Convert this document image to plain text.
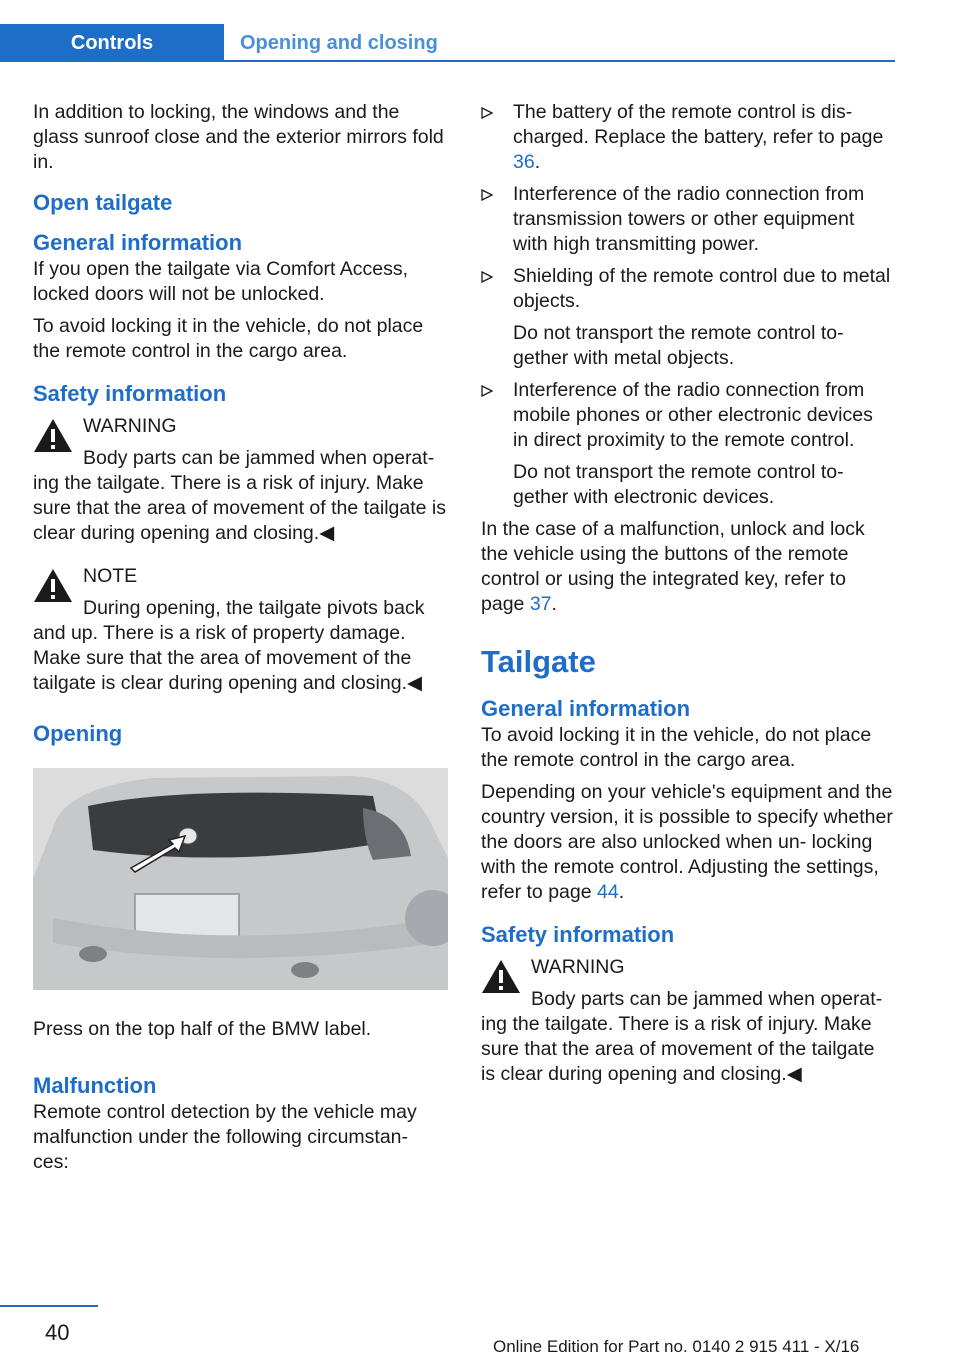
Controls	Opening and closing

In addition to locking, the windows and the glass sunroof close and the exterior mirrors fold in.

Open tailgate
General information

If you open the tailgate via Comfort Access, locked doors will not be unlocked.

To avoid locking it in the vehicle, do not place the remote control in the cargo area.

Safety information
WARNING
Body parts can be jammed when operat‐
ing the tailgate. There is a risk of injury. Make sure that the area of movement of the tailgate is clear during opening and closing.◀
NOTE
During opening, the tailgate pivots back
and up. There is a risk of property damage. Make sure that the area of movement of the tailgate is clear during opening and closing.◀
Opening

Press on the top half of the BMW label.

Malfunction

Remote control detection by the vehicle may malfunction under the following circumstan‐ ces:

The battery of the remote control is dis‐ charged. Replace the battery, refer to page 36.
Interference of the radio connection from transmission towers or other equipment with high transmitting power.
Shielding of the remote control due to metal objects.
Do not transport the remote control to‐ gether with metal objects.
Interference of the radio connection from mobile phones or other electronic devices in direct proximity to the remote control.
Do not transport the remote control to‐ gether with electronic devices.

In the case of a malfunction, unlock and lock the vehicle using the buttons of the remote control or using the integrated key, refer to page 37.

Tailgate
General information

To avoid locking it in the vehicle, do not place the remote control in the cargo area.

Depending on your vehicle's equipment and the country version, it is possible to specify whether the doors are also unlocked when un‐ locking with the remote control. Adjusting the settings, refer to page 44.

Safety information
WARNING
Body parts can be jammed when operat‐
ing the tailgate. There is a risk of injury. Make sure that the area of movement of the tailgate is clear during opening and closing.◀
40
Online Edition for Part no. 0140 2 915 411 - X/16
